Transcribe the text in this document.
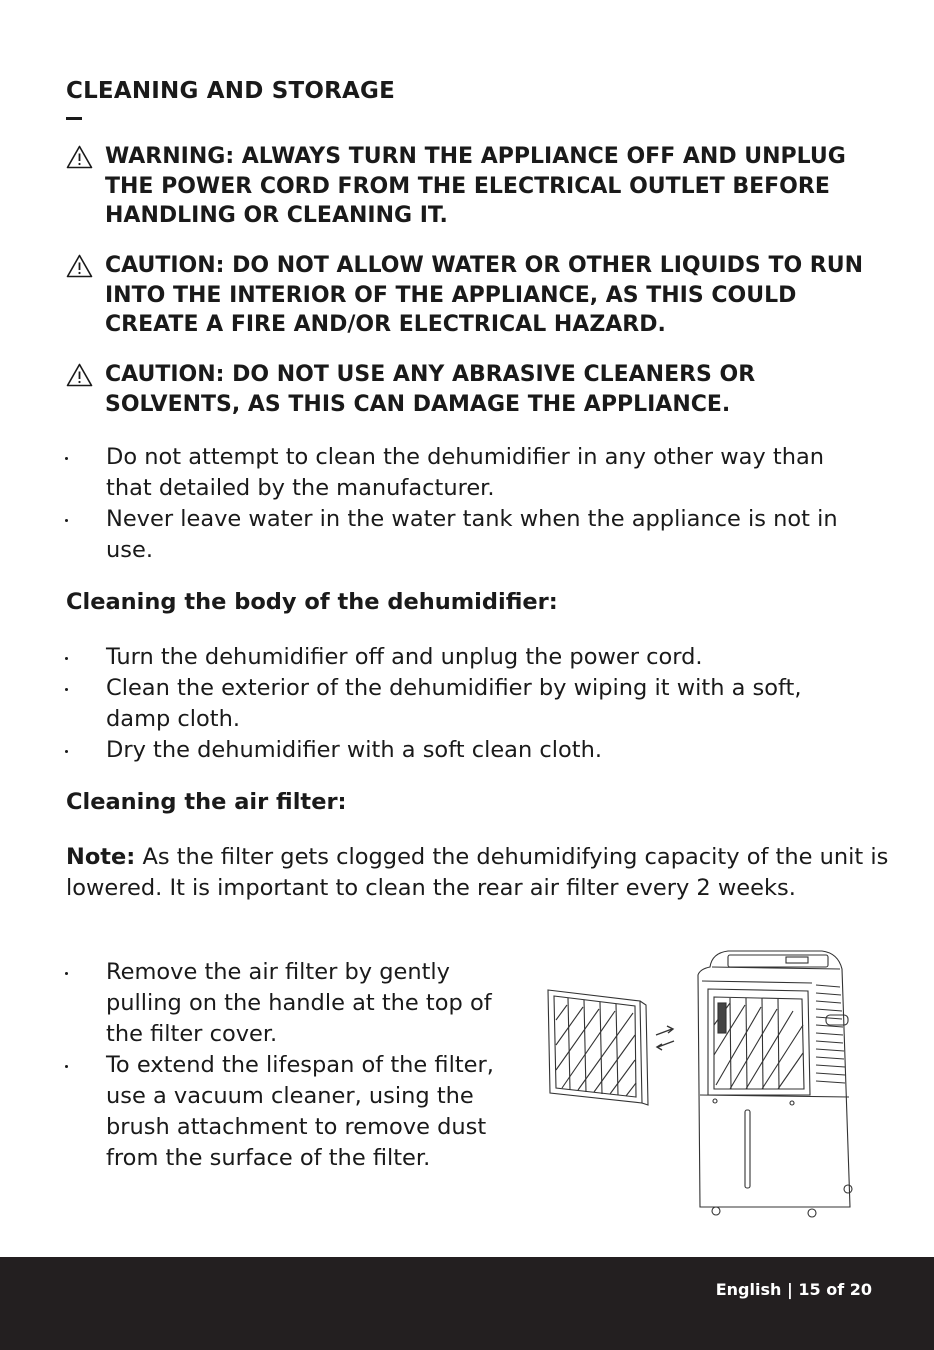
CLEANING AND STORAGE
WARNING: ALWAYS TURN THE APPLIANCE OFF AND UNPLUG THE POWER CORD FROM THE ELECTRICAL OUTLET BEFORE HANDLING OR CLEANING IT.
CAUTION: DO NOT ALLOW WATER OR OTHER LIQUIDS TO RUN INTO THE INTERIOR OF THE APPLIANCE, AS THIS COULD CREATE A FIRE AND/OR ELECTRICAL HAZARD.
CAUTION: DO NOT USE ANY ABRASIVE CLEANERS OR SOLVENTS, AS THIS CAN DAMAGE THE APPLIANCE.
Do not attempt to clean the dehumidifier in any other way than that detailed by the manufacturer.
Never leave water in the water tank when the appliance is not in use.
Cleaning the body of the dehumidifier:
Turn the dehumidifier off and unplug the power cord.
Clean the exterior of the dehumidifier by wiping it with a soft, damp cloth.
Dry the dehumidifier with a soft clean cloth.
Cleaning the air filter:

Note: As the filter gets clogged the dehumidifying capacity of the unit is lowered. It is important to clean the rear air filter every 2 weeks.

Remove the air filter by gently pulling on the handle at the top of the filter cover.
To extend the lifespan of the filter, use a vacuum cleaner, using the brush attachment to remove dust from the surface of the filter.
English | 15 of 20
